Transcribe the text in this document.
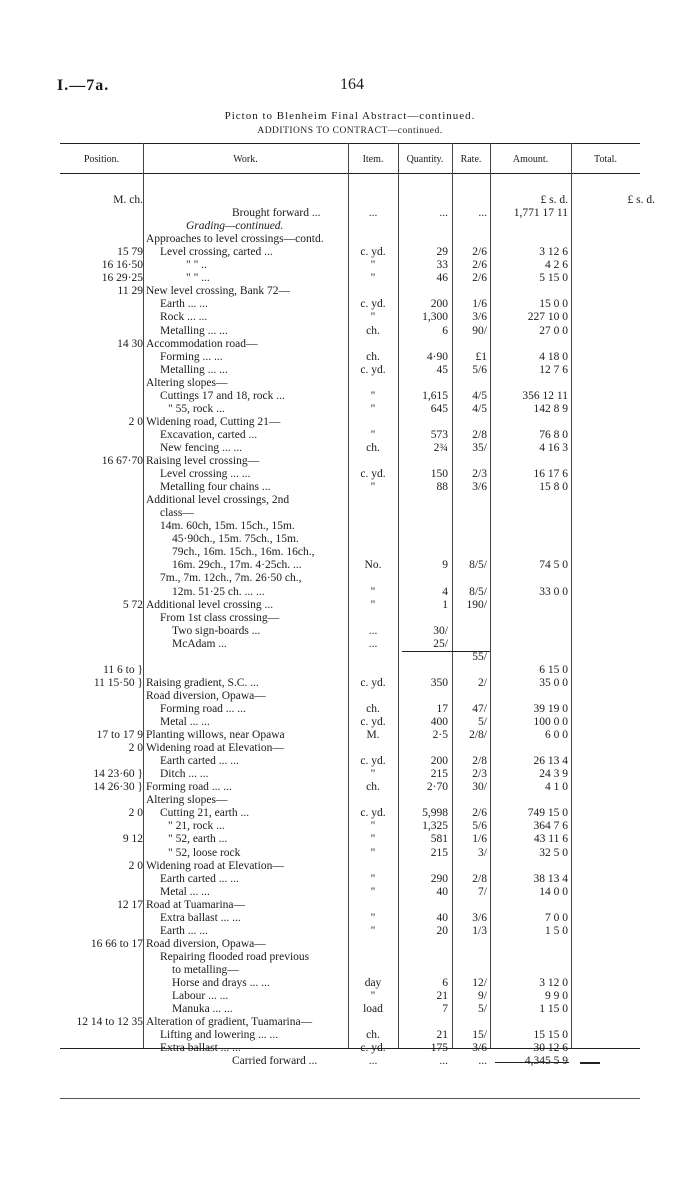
I.—7a.	164
Picton to Blenheim Final Abstract—continued.
ADDITIONS TO CONTRACT—continued.
Position.	Work.	Item.	Quantity.	Rate.	Amount.	Total.
M. ch.	£ s. d.	£ s. d.
Brought forward ...	...	...	...	1,771 17 11
Grading—continued.
Approaches to level crossings—contd.
15 79 Level crossing, carted ...	c. yd.	29	2/6	3 12 6
16 16·50	" " ..	"	33	2/6	4 2 6
16 29·25	" " ...	"	46	2/6	5 15 0
11 29 New level crossing, Bank 72—
Earth ... ...	c. yd.	200	1/6	15 0 0
Rock ... ...	"	1,300	3/6	227 10 0
Metalling ... ...	ch.	6	90/	27 0 0
14 30 Accommodation road—
Forming ... ...	ch.	4·90	£1	4 18 0
Metalling ... ...	c. yd.	45	5/6	12 7 6
Altering slopes—
Cuttings 17 and 18, rock ...	"	1,615	4/5	356 12 11
" 55, rock ...	"	645	4/5	142 8 9
2 0 Widening road, Cutting 21—
Excavation, carted ...	"	573	2/8	76 8 0
New fencing ... ...	ch.	2¾	35/	4 16 3
16 67·70 Raising level crossing—
Level crossing ... ...	c. yd.	150	2/3	16 17 6
Metalling four chains ...	"	88	3/6	15 8 0
Additional level crossings, 2nd
class—
14m. 60ch, 15m. 15ch., 15m.
45·90ch., 15m. 75ch., 15m.
79ch., 16m. 15ch., 16m. 16ch.,
16m. 29ch., 17m. 4·25ch. ...	No.	9	8/5/	74 5 0
7m., 7m. 12ch., 7m. 26·50 ch.,
12m. 51·25 ch. ... ...	"	4	8/5/	33 0 0
5 72 Additional level crossing ...	"	1	190/
From 1st class crossing—
Two sign-boards ...	...	30/
McAdam ...	...	25/
55/
11 6 to }	6 15 0
11 15·50 } Raising gradient, S.C. ...	c. yd.	350	2/	35 0 0
Road diversion, Opawa—
Forming road ... ...	ch.	17	47/	39 19 0
Metal ... ...	c. yd.	400	5/	100 0 0
17 to 17 9 Planting willows, near Opawa	M.	2·5	2/8/	6 0 0
2 0 Widening road at Elevation—
Earth carted ... ...	c. yd.	200	2/8	26 13 4
14 23·60 } Ditch ... ...	"	215	2/3	24 3 9
14 26·30 } Forming road ... ...	ch.	2·70	30/	4 1 0
Altering slopes—
2 0 Cutting 21, earth ...	c. yd.	5,998	2/6	749 15 0
" 21, rock ...	"	1,325	5/6	364 7 6
9 12 " 52, earth ...	"	581	1/6	43 11 6
" 52, loose rock	"	215	3/	32 5 0
2 0 Widening road at Elevation—
Earth carted ... ...	"	290	2/8	38 13 4
Metal ... ...	"	40	7/	14 0 0
12 17 Road at Tuamarina—
Extra ballast ... ...	"	40	3/6	7 0 0
Earth ... ...	"	20	1/3	1 5 0
16 66 to 17 Road diversion, Opawa—
Repairing flooded road previous
to metalling—
Horse and drays ... ...	day	6	12/	3 12 0
Labour ... ...	"	21	9/	9 9 0
Manuka ... ...	load	7	5/	1 15 0
12 14 to 12 35 Alteration of gradient, Tuamarina—
Lifting and lowering ... ...	ch.	21	15/	15 15 0
Extra ballast ... ...	c. yd.	175	3/6	30 12 6
Carried forward ...	...	...	...	4,345 5 9
